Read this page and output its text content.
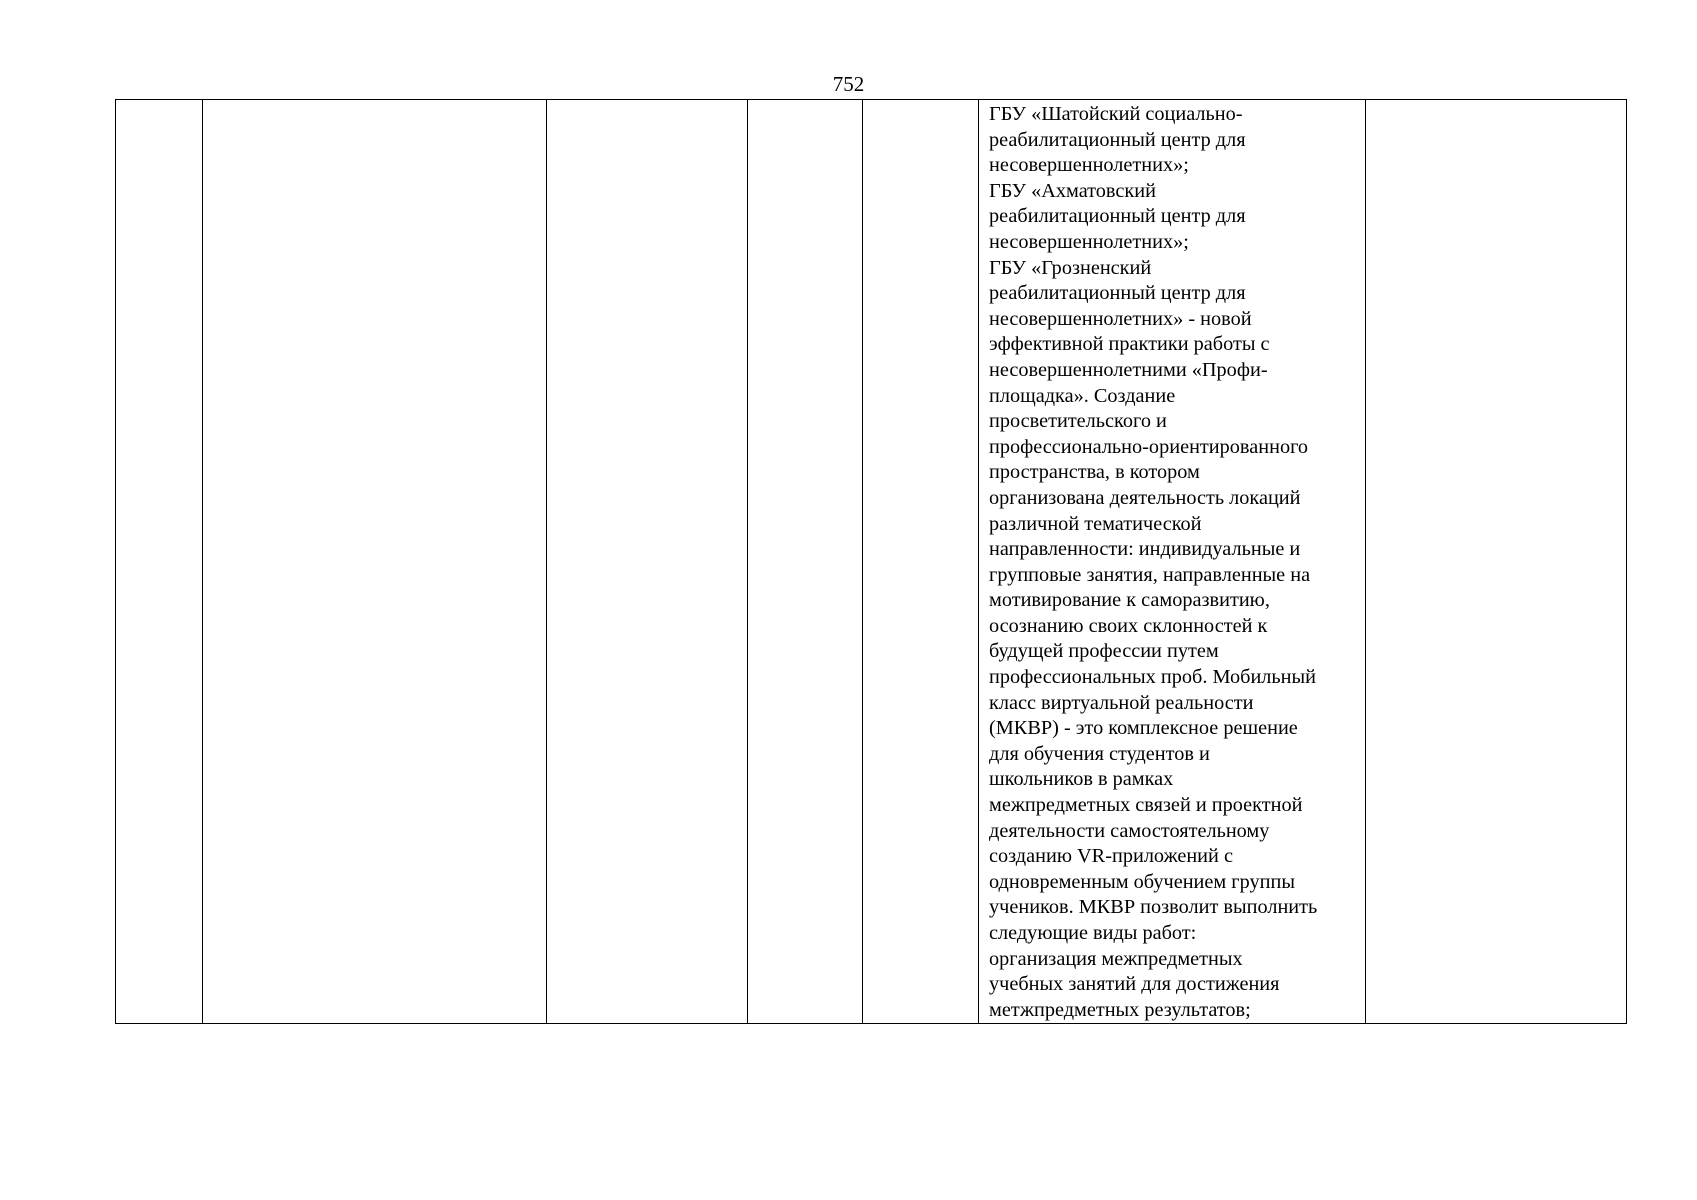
752

ГБУ «Шатойский социально-
реабилитационный центр для
несовершеннолетних»;
ГБУ «Ахматовский
реабилитационный центр для
несовершеннолетних»;
ГБУ «Грозненский
реабилитационный центр для
несовершеннолетних» - новой
эффективной практики работы с
несовершеннолетними «Профи-
площадка». Создание
просветительского и
профессионально-ориентированного
пространства, в котором
организована деятельность локаций
различной тематической
направленности: индивидуальные и
групповые занятия, направленные на
мотивирование к саморазвитию,
осознанию своих склонностей к
будущей профессии путем
профессиональных проб. Мобильный
класс виртуальной реальности
(МКВР) - это комплексное решение
для обучения студентов и
школьников в рамках
межпредметных связей и проектной
деятельности самостоятельному
созданию VR-приложений с
одновременным обучением группы
учеников. МКВР позволит выполнить
следующие виды работ:
организация межпредметных
учебных занятий для достижения
метжпредметных результатов;
